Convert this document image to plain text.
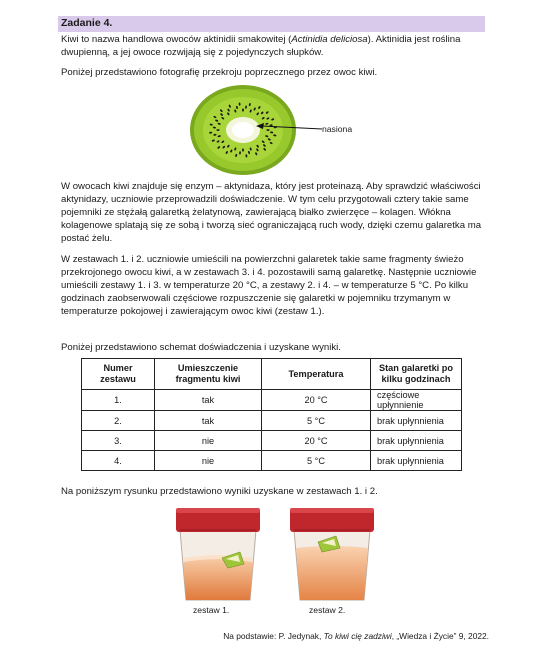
Zadanie 4.
Kiwi to nazwa handlowa owoców aktinidii smakowitej (Actinidia deliciosa). Aktinidia jest roślina dwupienną, a jej owoce rozwijają się z pojedynczych słupków.
Poniżej przedstawiono fotografię przekroju poprzecznego przez owoc kiwi.
nasiona
W owocach kiwi znajduje się enzym – aktynidaza, który jest proteinazą. Aby sprawdzić właściwości aktynidazy, uczniowie przeprowadzili doświadczenie. W tym celu przygotowali cztery takie same pojemniki ze stężałą galaretką żelatynową, zawierającą białko zwierzęce – kolagen. Włókna kolagenowe splatają się ze sobą i tworzą sieć ograniczającą ruch wody, dzięki czemu galaretka ma postać żelu.
W zestawach 1. i 2. uczniowie umieścili na powierzchni galaretek takie same fragmenty świeżo przekrojonego owocu kiwi, a w zestawach 3. i 4. pozostawili samą galaretkę. Następnie uczniowie umieścili zestawy 1. i 3. w temperaturze 20 °C, a zestawy 2. i 4. – w temperaturze 5 °C. Po kilku godzinach zaobserwowali częściowe rozpuszczenie się galaretki w pojemniku trzymanym w temperaturze pokojowej i zawierającym owoc kiwi (zestaw 1.).
Poniżej przedstawiono schemat doświadczenia i uzyskane wyniki.
Numer zestawu	Umieszczenie fragmentu kiwi	Temperatura	Stan galaretki po kilku godzinach
1.	tak	20 °C	częściowe upłynnienie
2.	tak	5 °C	brak upłynnienia
3.	nie	20 °C	brak upłynnienia
4.	nie	5 °C	brak upłynnienia
Na poniższym rysunku przedstawiono wyniki uzyskane w zestawach 1. i 2.
zestaw 1.	zestaw 2.
Na podstawie: P. Jedynak, To kiwi cię zadziwi, „Wiedza i Życie” 9, 2022.
